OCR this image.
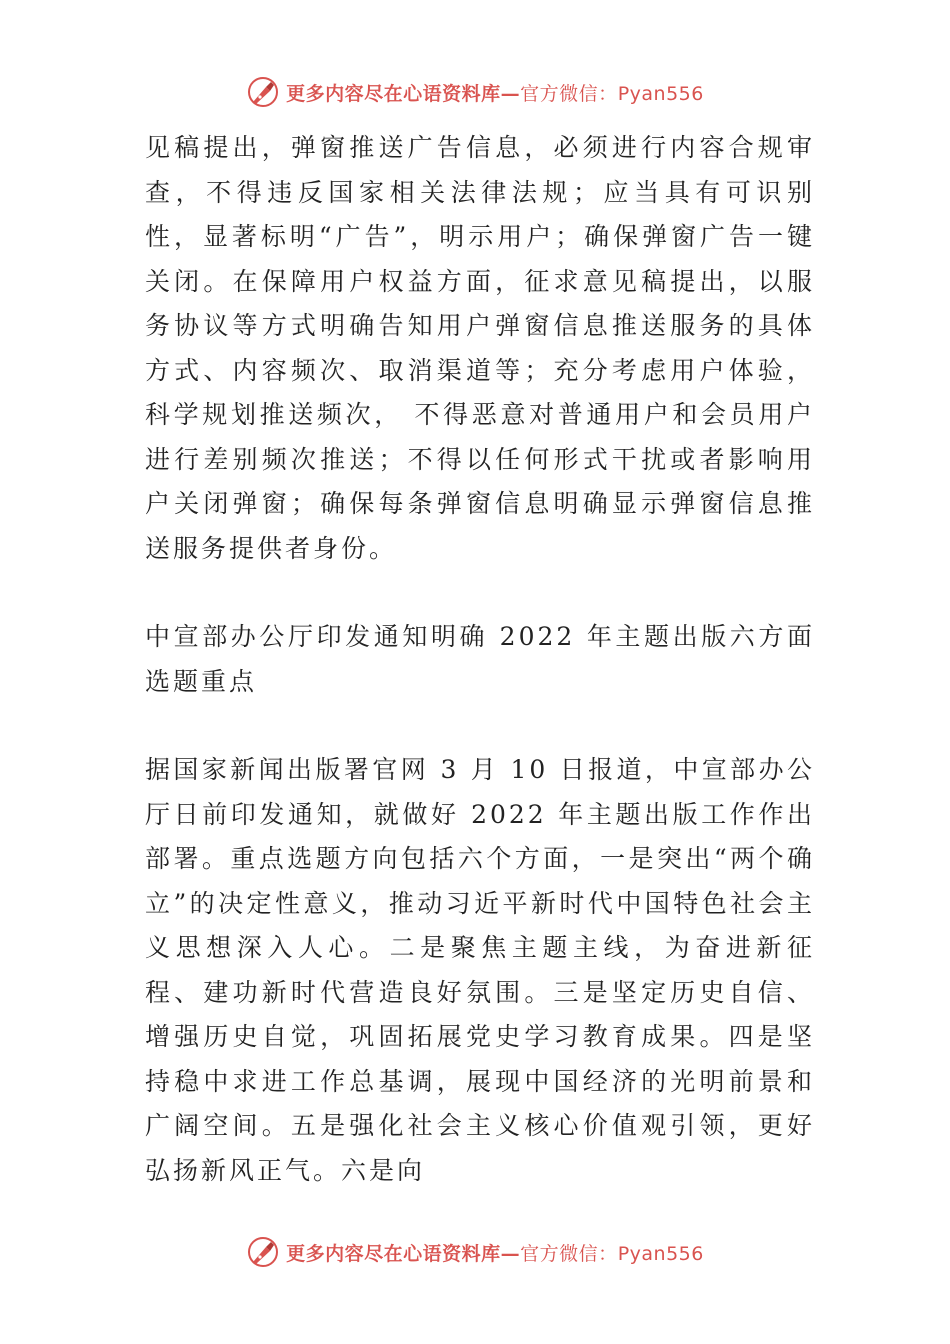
更多内容尽在心语资料库—官方微信：Pyan556

见稿提出，弹窗推送广告信息，必须进行内容合规审查，不得违反国家相关法律法规；应当具有可识别性，显著标明“广告”，明示用户；确保弹窗广告一键关闭。在保障用户权益方面，征求意见稿提出，以服务协议等方式明确告知用户弹窗信息推送服务的具体方式、内容频次、取消渠道等；充分考虑用户体验，科学规划推送频次， 不得恶意对普通用户和会员用户进行差别频次推送；不得以任何形式干扰或者影响用户关闭弹窗；确保每条弹窗信息明确显示弹窗信息推送服务提供者身份。

中宣部办公厅印发通知明确 2022 年主题出版六方面选题重点

据国家新闻出版署官网 3 月 10 日报道，中宣部办公厅日前印发通知，就做好 2022 年主题出版工作作出部署。重点选题方向包括六个方面，一是突出“两个确立”的决定性意义，推动习近平新时代中国特色社会主义思想深入人心。二是聚焦主题主线，为奋进新征程、建功新时代营造良好氛围。三是坚定历史自信、增强历史自觉，巩固拓展党史学习教育成果。四是坚持稳中求进工作总基调，展现中国经济的光明前景和广阔空间。五是强化社会主义核心价值观引领，更好弘扬新风正气。六是向

更多内容尽在心语资料库—官方微信：Pyan556
